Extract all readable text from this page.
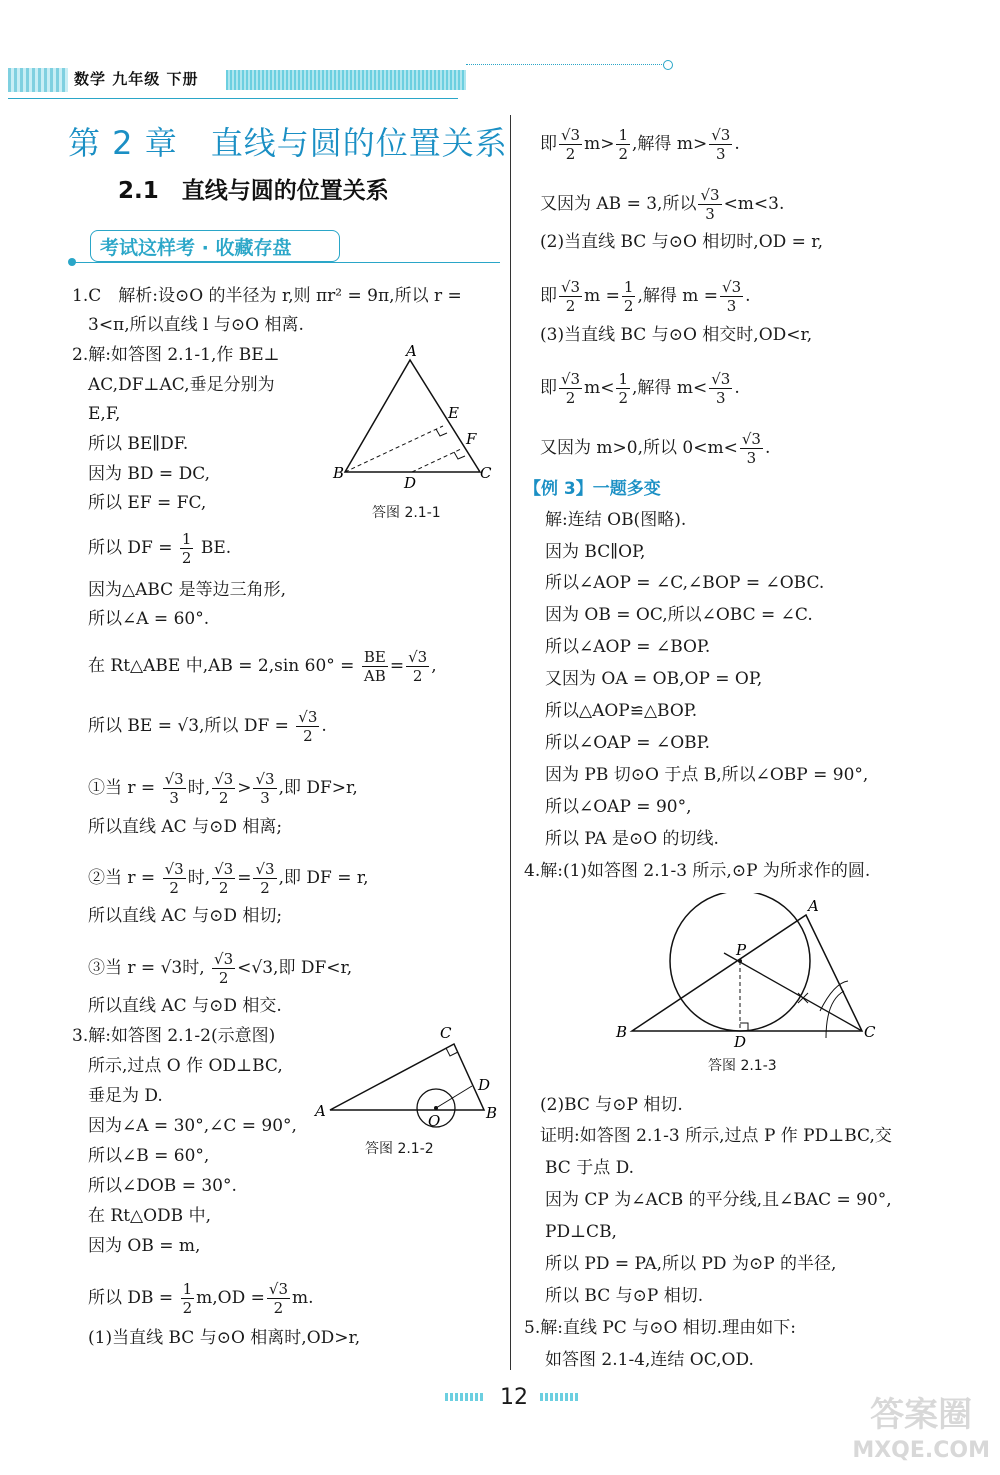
数学 九年级 下册
第 2 章　直线与圆的位置关系
2.1　直线与圆的位置关系
考试这样考 · 收藏存盘
1.C　解析:设⊙O 的半径为 r,则 πr² = 9π,所以 r =
3<π,所以直线 l 与⊙O 相离.
2.解:如答图 2.1-1,作 BE⊥
AC,DF⊥AC,垂足分别为
E,F,
所以 BE∥DF.
因为 BD = DC,
所以 EF = FC,
所以 DF = $\frac{1}{2}$ BE.
因为△ABC 是等边三角形,
所以∠A = 60°.
在 Rt△ABE 中,AB = 2,sin $60^\circ = \frac{BE}{AB} = \frac{√3}{2}$ ,
所以 BE = √3,所以 DF = $\frac{√3}{2}$ .
①当 $r = \frac{√3}{3}$ 时, $\frac{√3}{2} > \frac{√3}{3}$ ,即 DF>r,
所以直线 AC 与⊙D 相离;
②当 $r = \frac{√3}{2}$ 时, $\frac{√3}{2} = \frac{√3}{2}$ ,即 DF = r,
所以直线 AC 与⊙D 相切;
③当 r = √3时, $\frac{√3}{2} <√3$,即 DF<r,
所以直线 AC 与⊙D 相交.
3.解:如答图 2.1-2(示意图)
所示,过点 O 作 OD⊥BC,
垂足为 D.
因为∠A = 30°,∠C = 90°,
所以∠B = 60°,
所以∠DOB = 30°.
在 Rt△ODB 中,
因为 OB = m,
所以 DB = $\frac{1}{2} m,OD = \frac{√3}{2} m$.
(1)当直线 BC 与⊙O 相离时,OD>r,
A
E
F
B
D
C
答图 2.1-1
C
D
A
O	B
答图 2.1-2
即 $\frac{√3}{2} m> \frac{1}{2}$ ,解得 $m> \frac{√3}{3}$ .
又因为 AB = 3,所以 $\frac{√3}{3} <m<3$.
(2)当直线 BC 与⊙O 相切时,OD = r,
即 $\frac{√3}{2}$ $m = \frac{1}{2}$ ,解得 $m = \frac{√3}{3}$ .
(3)当直线 BC 与⊙O 相交时,OD<r,
即 $\frac{√3}{2} m< \frac{1}{2}$ ,解得 $m< \frac{√3}{3}$ .
又因为 m>0,所以 $0<m< \frac{√3}{3}$ .
【例 3】一题多变
解:连结 OB(图略).
因为 BC∥OP,
所以∠AOP = ∠C,∠BOP = ∠OBC.
因为 OB = OC,所以∠OBC = ∠C.
所以∠AOP = ∠BOP.
又因为 OA = OB,OP = OP,
所以△AOP≌△BOP.
所以∠OAP = ∠OBP.
因为 PB 切⊙O 于点 B,所以∠OBP = 90°,
所以∠OAP = 90°,
所以 PA 是⊙O 的切线.
4.解:(1)如答图 2.1-3 所示,⊙P 为所求作的圆.
A
P
B
D
C
答图 2.1-3
(2)BC 与⊙P 相切.
证明:如答图 2.1-3 所示,过点 P 作 PD⊥BC,交
BC 于点 D.
因为 CP 为∠ACB 的平分线,且∠BAC = 90°,
PD⊥CB,
所以 PD = PA,所以 PD 为⊙P 的半径,
所以 BC 与⊙P 相切.
5.解:直线 PC 与⊙O 相切.理由如下:
如答图 2.1-4,连结 OC,OD.
12	答案圈
MXQE.COM
